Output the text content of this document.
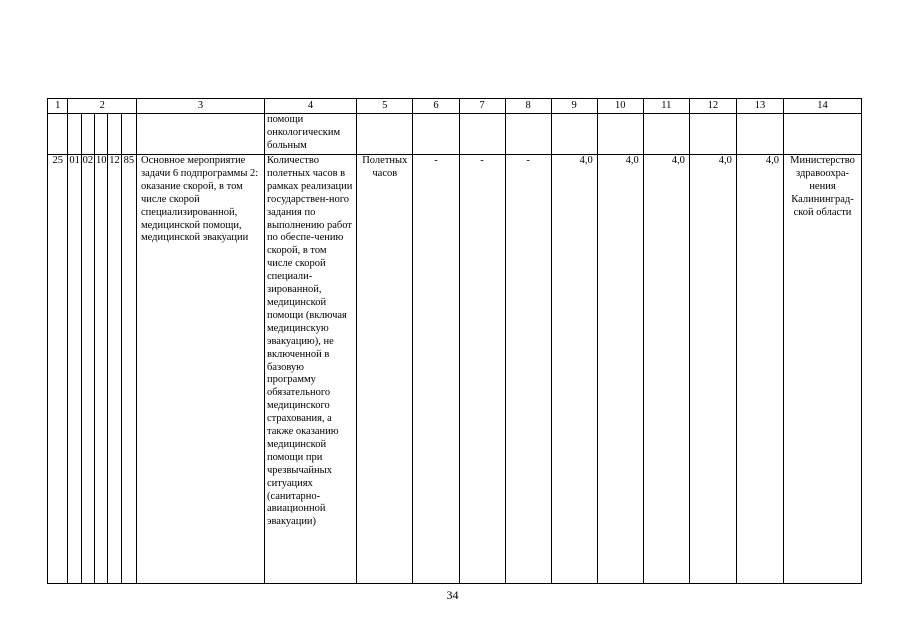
1	2					3	4	5	6	7	8	9	10	11	12	13	14
							помощи онкологическим больным										
25	01	02	10	12	85	Основное мероприятие задачи 6 подпрограммы 2: оказание скорой, в том числе скорой специализированной, медицинской помощи, медицинской эвакуации	Количество полетных часов в рамках реализации государствен-ного задания по выполнению работ по обеспе-чению скорой, в том числе скорой специали-зированной, медицинской помощи (включая медицинскую эвакуацию), не включенной в базовую программу обязательного медицинского страхования, а также оказанию медицинской помощи при чрезвычайных ситуациях (санитарно-авиационной эвакуации)	Полетных часов	-	-	-	4,0	4,0	4,0	4,0	4,0	Министерство здравоохра-нения Калининград-ской области
34
